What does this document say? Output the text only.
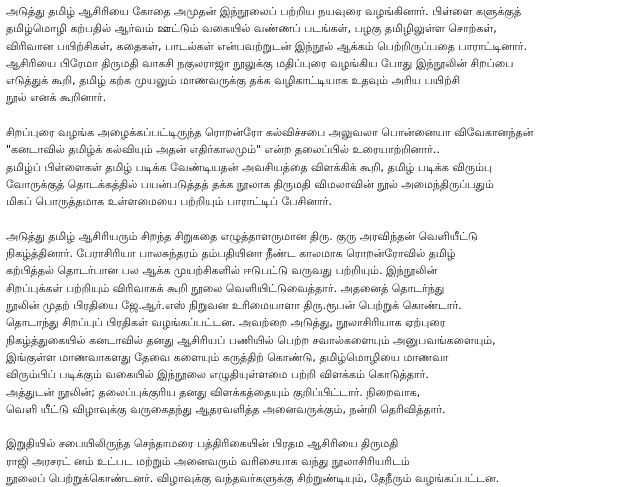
அடுத்து தமிழ் ஆசிரியை கோதை அமுதன் இந்நூலைப் பற்றிய நயவுரை வழங்கினார். பிள்ளை களுக்குத்
தமிழ்மொழி கற்பதில் ஆர்வம் ஊட்டும் வகையில் வண்ணப் படங்கள், பழகு தமிழிலுள்ள சொற்கள்,
விரிவான பயிற்சிகள், கதைகள், பாடல்கள் என்பவற்றுடன் இந்நூல் ஆக்கம் பெற்றிருப்பதை பாராட்டினார்.
ஆசிரியை பிரேமா திருமதி வாகசி நகுலராஜா நூலுக்கு மதிப்புரை வழங்கிய போது இந்நூலின் சிறப்பை
எடுத்துக் கூறி, தமிழ் கற்க முயலும் மாணவருக்கு தக்க வழிகாட்டியாக உதவும் அரிய பயிற்சி
நூல் எனக் கூறினார்.
சிறப்புரை வழங்க அழைக்கப்பட்டிருந்த ரொறன்ரோ கல்விச்சபை அலுவலா பொன்னையா விவேகானந்தன்
"கனடாவில் தமிழ்க் கல்வியும் அதன் எதிர்காலமும்" என்ற தலைப்பில் உரையாற்றினார்..
தமிழ்ப் பிள்ளைகள் தமிழ் படிக்க வேண்டியதன் அவசியத்தை விளக்கிக் கூறி, தமிழ் படிக்க விரும்பு
வோருக்குத் தொடக்கத்தில் பயன்படுத்தத் தக்க நூலாக திருமதி விமலாவின் நூல் அமைந்திருப்பதும்
மிகப் பொருத்தமாக உள்ளமையை பற்றியும் பாராட்டிப் பேசினார்.
அடுத்து தமிழ் ஆசிரியரும் சிறந்த சிறுகதை எழுத்தாளருமான திரு. குரு அரவிந்தன் வெளியீட்டு
நிகழ்த்தினார். பேராசிரியா பாலசுந்தரம் தம்பதியினா நீண்ட காலமாக ரொறன்ரோவில் தமிழ்
கற்பித்தல் தொடர்பான பல ஆக்க முயற்சிகளில் ஈடுபட்டு வருவது பற்றியும். இந்நூலின்
சிறப்புக்கள் பற்றியும் விரிவாகக் கூறி நூலை வெளியிட்டுவைத்தார். அதனைத் தொடர்ந்து
நூலின் முதற் பிரதியை ஜே.ஆர்.எஸ் நிறுவன உரிமையாளா திரு.ரூபன் பெற்றுக் கொண்டார்.
தொடாந்து சிறப்புப் பிரதிகள் வழங்கப்பட்டன. அவற்றை அடுத்து, நூலாசிரியாக ஏற்புரை
நிகழ்த்துகையில் கனடாவில் தனது ஆசிரியப் பணியில் பெற்ற சவால்களையும் அனுபவங்களையும்,
இங்குள்ள மாணவாகளது தேவை களையும் கருத்திற் கொண்டு, தமிழ்மொழியை மாணவா
விரும்பிப் படிக்கும் வகையில் இந்நூலை எழுதியுள்ளமை பற்றி விளக்கம் கொடுத்தார்.
அத்துடன் நூலின்; தலைப்புக்குரிய தனது விளக்கத்தையும் குறிப்பிட்டார். நிறைவாக,
வெளி யீட்டு விழாவுக்கு வருகைதந்து ஆதரவளித்த அனைவருக்கும், நன்றி தெரிவித்தார்.
இறுதியில் சபையிலிருந்த செந்தாமரை பத்திரிகையின் பிரதம ஆசிரியை திருமதி
ராஜி அரசரட் னம் உட்பட மற்றும் அனைவரும் வரிசையாக வந்து நூலாசிரியரிடம்
நூலைப் பெற்றுக்கொண்டனர். விழாவுக்கு வந்தவர்களுக்கு சிற்றுண்டியும், தேநீரும் வழங்கப்பட்டன.
